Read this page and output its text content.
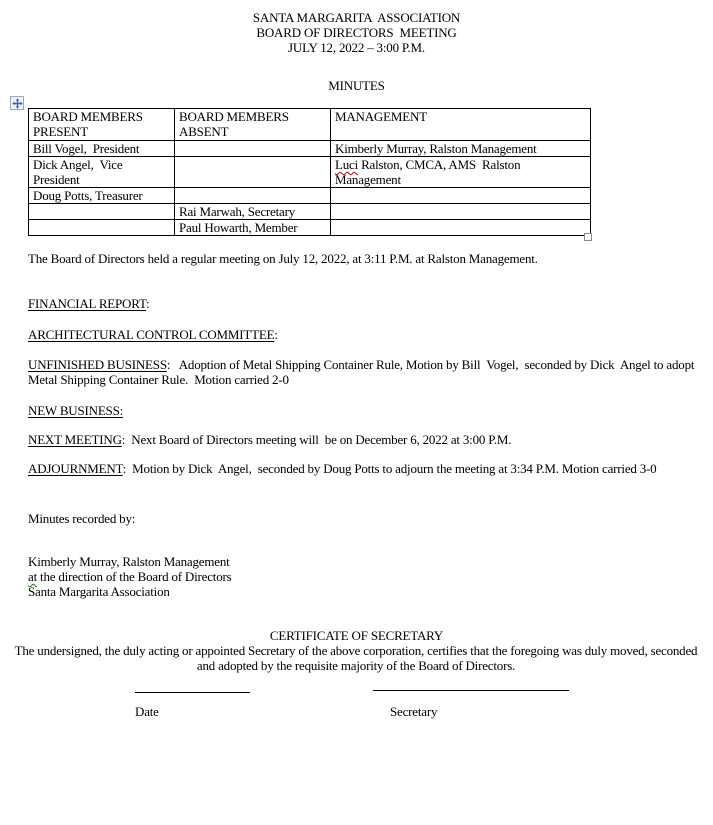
SANTA MARGARITA  ASSOCIATION
BOARD OF DIRECTORS  MEETING
JULY 12, 2022 – 3:00 P.M.
MINUTES
BOARD MEMBERS PRESENT	BOARD MEMBERS ABSENT	MANAGEMENT
Bill Vogel,  President		Kimberly Murray, Ralston Management
Dick Angel,  Vice President		Luci Ralston, CMCA, AMS  Ralston Management
Doug Potts, Treasurer		
	Rai Marwah, Secretary	
	Paul Howarth, Member	
The Board of Directors held a regular meeting on July 12, 2022, at 3:11 P.M. at Ralston Management.
FINANCIAL REPORT:
ARCHITECTURAL CONTROL COMMITTEE:
UNFINISHED BUSINESS:   Adoption of Metal Shipping Container Rule, Motion by Bill  Vogel,  seconded by Dick  Angel to adopt Metal Shipping Container Rule.  Motion carried 2-0
NEW BUSINESS:
NEXT MEETING:  Next Board of Directors meeting will  be on December 6, 2022 at 3:00 P.M.
ADJOURNMENT:  Motion by Dick  Angel,  seconded by Doug Potts to adjourn the meeting at 3:34 P.M. Motion carried 3-0
Minutes recorded by:
Kimberly Murray, Ralston Management
at the direction of the Board of Directors
Santa Margarita Association
CERTIFICATE OF SECRETARY
The undersigned, the duly acting or appointed Secretary of the above corporation, certifies that the foregoing was duly moved, seconded and adopted by the requisite majority of the Board of Directors.
Date	Secretary
